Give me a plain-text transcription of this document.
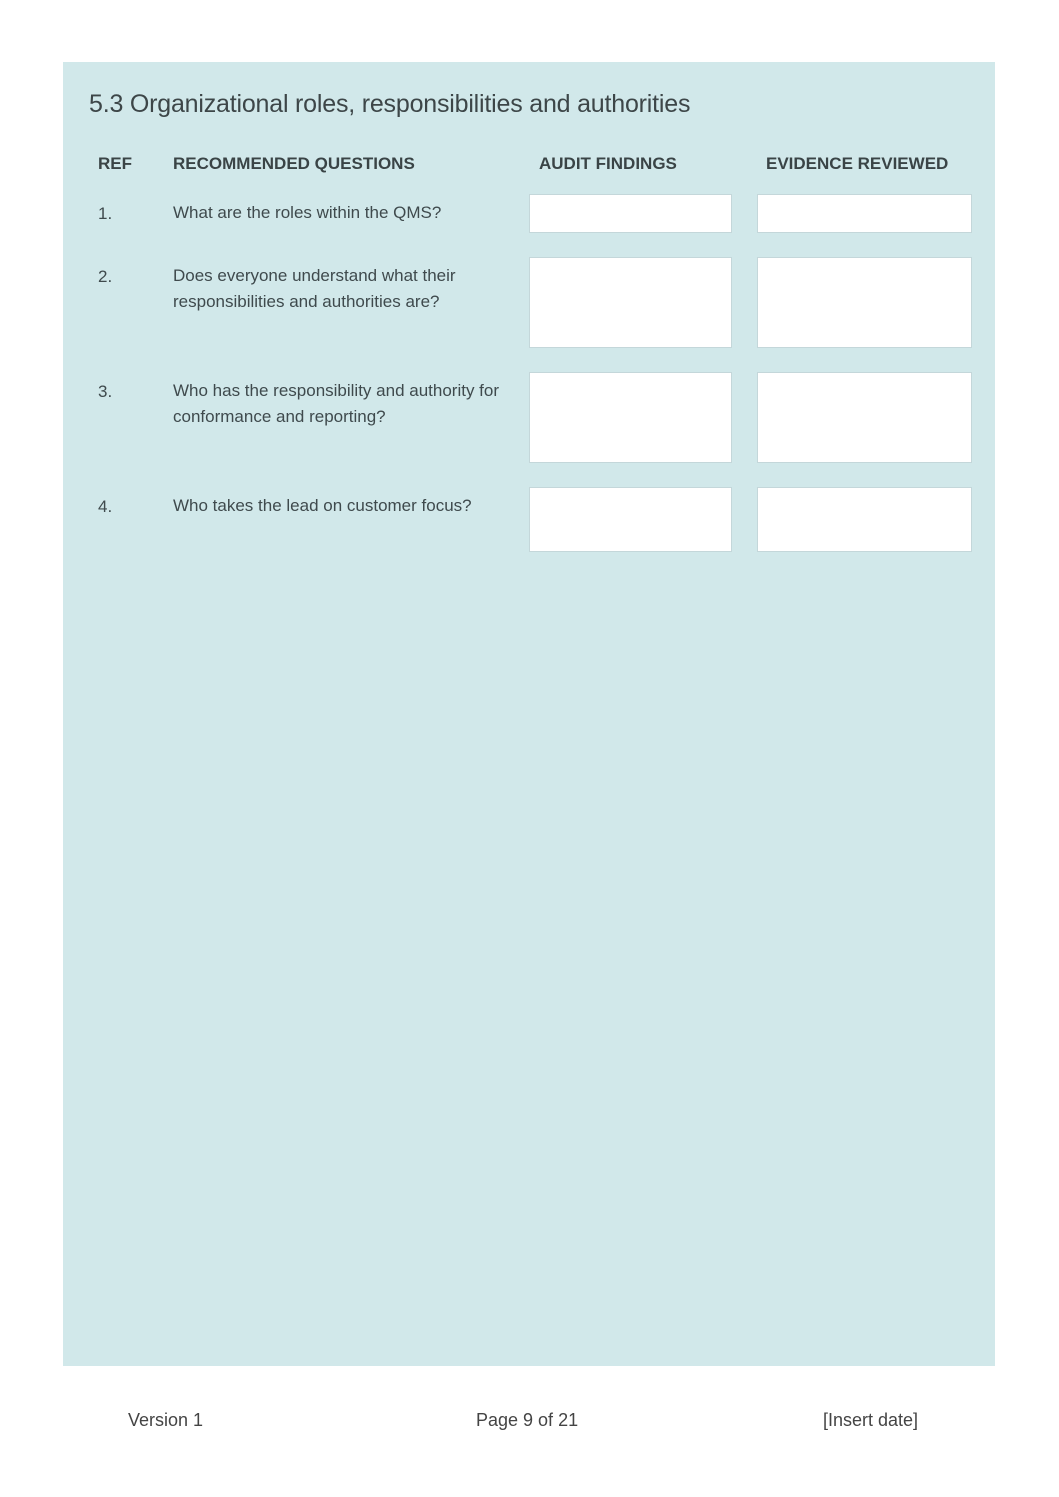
5.3 Organizational roles, responsibilities and authorities
REF RECOMMENDED QUESTIONS	AUDIT FINDINGS	EVIDENCE REVIEWED
1.	What are the roles within the QMS?
2.	Does everyone understand what their responsibilities and authorities are?
3.	Who has the responsibility and authority for conformance and reporting?
4.	Who takes the lead on customer focus?
Version 1	Page 9 of 21	[Insert date]
